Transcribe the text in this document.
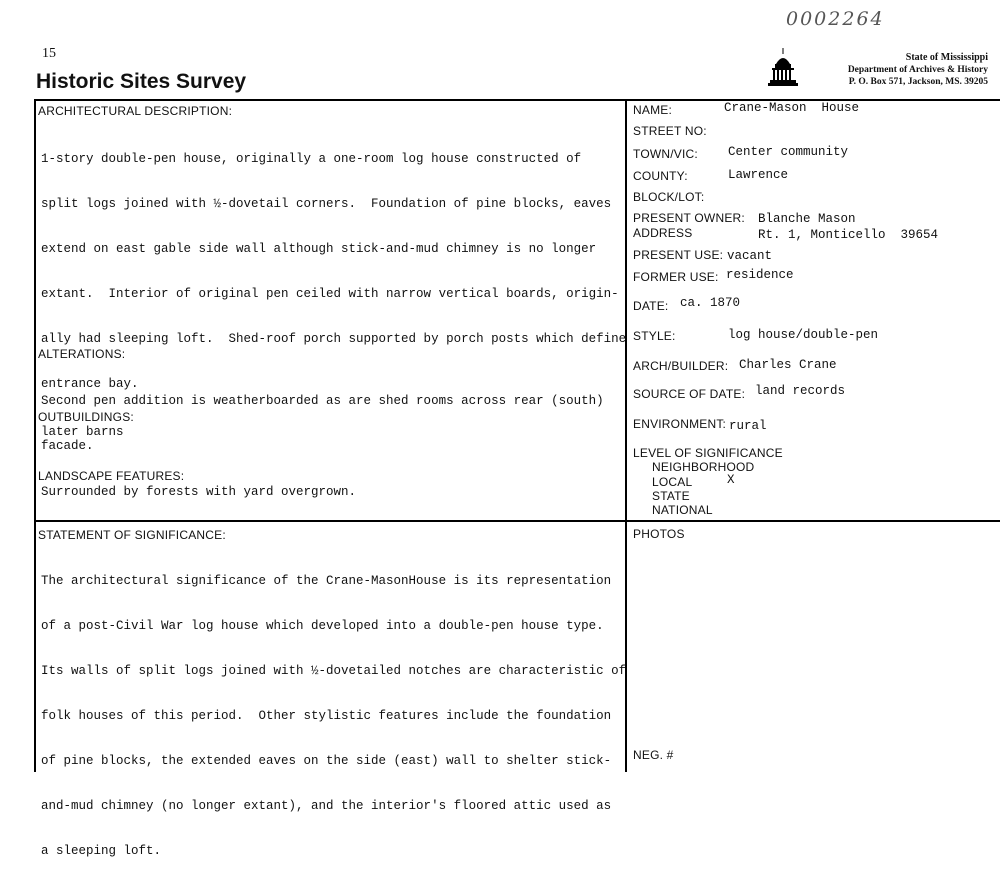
0002264
15
Historic Sites Survey
State of Mississippi
Department of Archives & History
P. O. Box 571, Jackson, MS. 39205
ARCHITECTURAL DESCRIPTION:

1-story double-pen house, originally a one-room log house constructed of

split logs joined with ½-dovetail corners.  Foundation of pine blocks, eaves

extend on east gable side wall although stick-and-mud chimney is no longer

extant.  Interior of original pen ceiled with narrow vertical boards, origin-

ally had sleeping loft.  Shed-roof porch supported by porch posts which define

entrance bay.

ALTERATIONS:

Second pen addition is weatherboarded as are shed rooms across rear (south)

facade.

OUTBUILDINGS:
later barns
LANDSCAPE FEATURES:
Surrounded by forests with yard overgrown.
STATEMENT OF SIGNIFICANCE:

The architectural significance of the Crane-MasonHouse is its representation

of a post-Civil War log house which developed into a double-pen house type.

Its walls of split logs joined with ½-dovetailed notches are characteristic of

folk houses of this period.  Other stylistic features include the foundation

of pine blocks, the extended eaves on the side (east) wall to shelter stick-

and-mud chimney (no longer extant), and the interior's floored attic used as

a sleeping loft.

NAME:	Crane-Mason  House
STREET NO:
TOWN/VIC: Center community
COUNTY:	Lawrence
BLOCK/LOT:
PRESENT OWNER: Blanche Mason
ADDRESS	Rt. 1, Monticello  39654
PRESENT USE: vacant
FORMER USE: residence
DATE: ca. 1870
STYLE:	log house/double-pen
ARCH/BUILDER: Charles Crane
SOURCE OF DATE: land records
ENVIRONMENT: rural
LEVEL OF SIGNIFICANCE
NEIGHBORHOOD
LOCAL	X
STATE
NATIONAL
PHOTOS
NEG. #
